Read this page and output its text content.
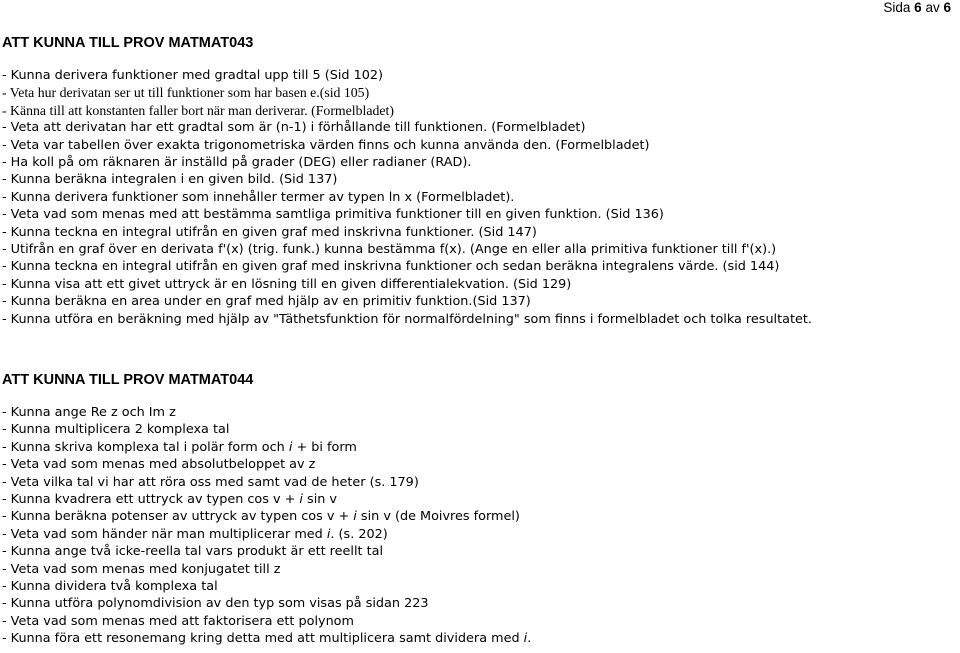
Sida 6 av 6
ATT KUNNA TILL PROV MATMAT043
- Kunna derivera funktioner med gradtal upp till 5 (Sid 102)
- Veta hur derivatan ser ut till funktioner som har basen e.(sid 105)
- Känna till att konstanten faller bort när man deriverar. (Formelbladet)
- Veta att derivatan har ett gradtal som är (n-1) i förhållande till funktionen. (Formelbladet)
- Veta var tabellen över exakta trigonometriska värden finns och kunna använda den. (Formelbladet)
- Ha koll på om räknaren är inställd på grader (DEG) eller radianer (RAD).
- Kunna beräkna integralen i en given bild. (Sid 137)
- Kunna derivera funktioner som innehåller termer av typen ln x (Formelbladet).
- Veta vad som menas med att bestämma samtliga primitiva funktioner till en given funktion. (Sid 136)
- Kunna teckna en integral utifrån en given graf med inskrivna funktioner. (Sid 147)
- Utifrån en graf över en derivata f'(x) (trig. funk.) kunna bestämma f(x). (Ange en eller alla primitiva funktioner till f'(x).)
- Kunna teckna en integral utifrån en given graf med inskrivna funktioner och sedan beräkna integralens värde. (sid 144)
- Kunna visa att ett givet uttryck är en lösning till en given differentialekvation. (Sid 129)
- Kunna beräkna en area under en graf med hjälp av en primitiv funktion.(Sid 137)
- Kunna utföra en beräkning med hjälp av "Täthetsfunktion för normalfördelning" som finns i formelbladet och tolka resultatet.
ATT KUNNA TILL PROV MATMAT044
- Kunna ange Re z och Im z
- Kunna multiplicera 2 komplexa tal
- Kunna skriva komplexa tal i polär form och i + bi form
- Veta vad som menas med absolutbeloppet av z
- Veta vilka tal vi har att röra oss med samt vad de heter (s. 179)
- Kunna kvadrera ett uttryck av typen cos v + i sin v
- Kunna beräkna potenser av uttryck av typen cos v + i sin v (de Moivres formel)
- Veta vad som händer när man multiplicerar med i. (s. 202)
- Kunna ange två icke-reella tal vars produkt är ett reellt tal
- Veta vad som menas med konjugatet till z
- Kunna dividera två komplexa tal
- Kunna utföra polynomdivision av den typ som visas på sidan 223
- Veta vad som menas med att faktorisera ett polynom
- Kunna föra ett resonemang kring detta med att multiplicera samt dividera med i.
